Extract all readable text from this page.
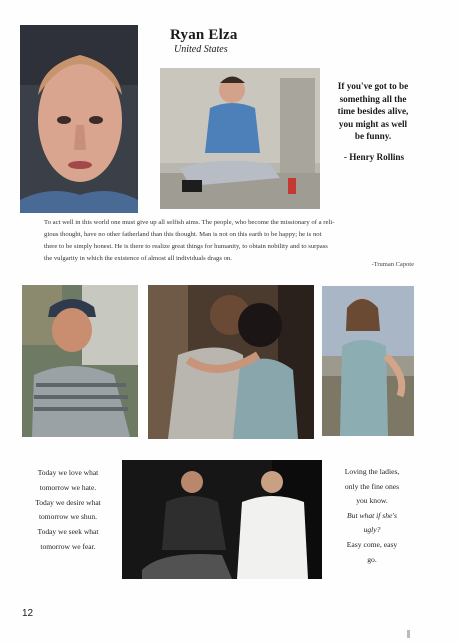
Ryan Elza
United States
If you've got to be
something all the
time besides alive,
you might as well
be funny.
- Henry Rollins
To act well in this world one must give up all selfish aims. The people, who become the missionary of a reli-
gious thought, have no other fatherland than this thought. Man is not on this earth to be happy; he is not
there to be simply honest. He is there to realize great things for humanity, to obtain nobility and to surpass
the vulgarity in which the existence of almost all individuals drags on.
-Truman Capote
Today we love what
tomorrow we hate.
Today we desire what
tomorrow we shun.
Today we seek what
tomorrow we fear.
Loving the ladies,
only the fine ones
you know.
But what if she's
ugly?
Easy come, easy
go.
12
